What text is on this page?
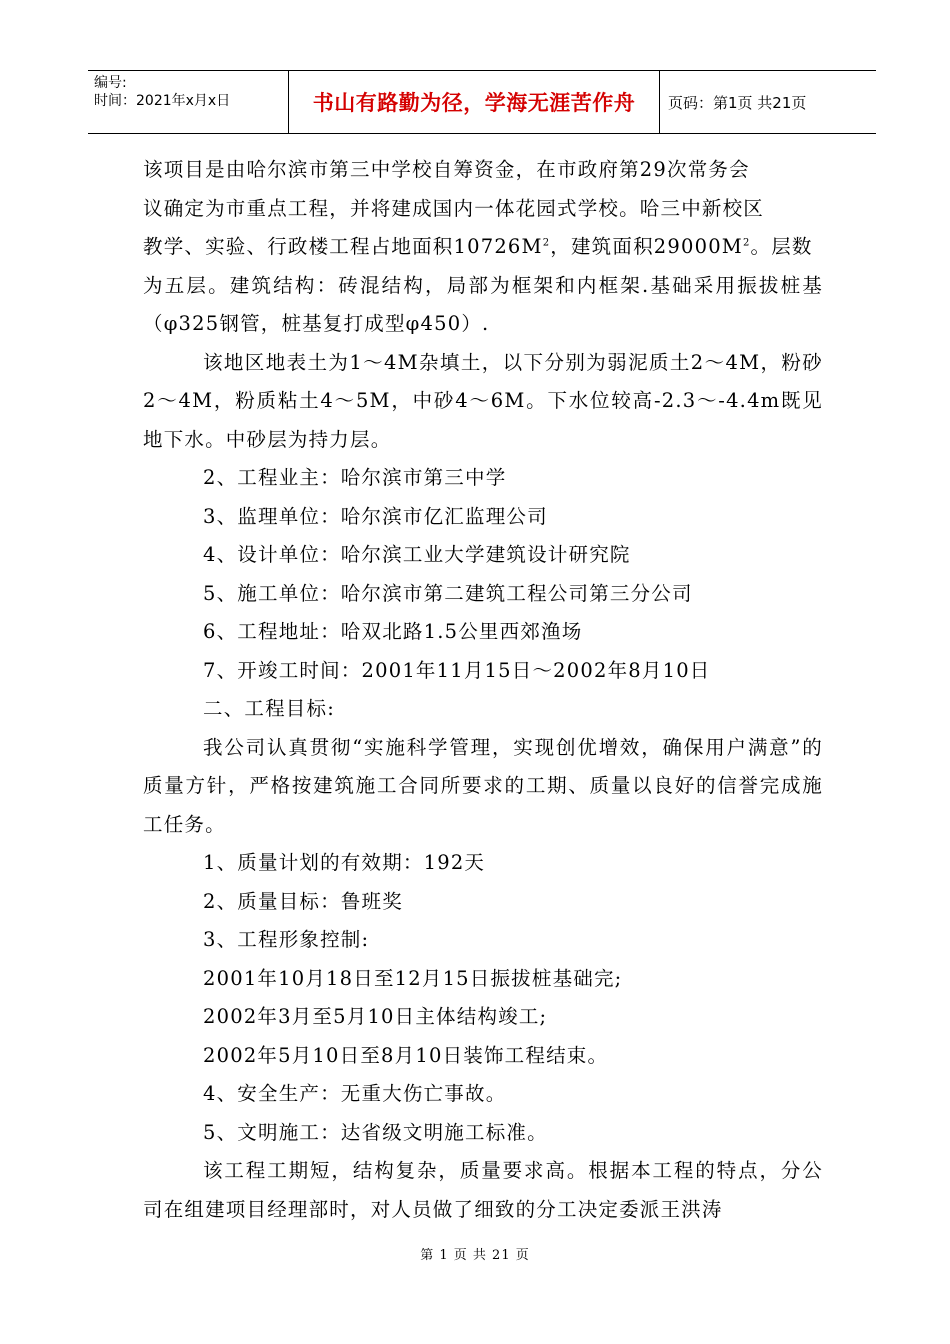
编号:
时间：2021年x月x日	书山有路勤为径，学海无涯苦作舟	页码：第1页 共21页

该项目是由哈尔滨市第三中学校自筹资金，在市政府第29次常务会

议确定为市重点工程，并将建成国内一体花园式学校。哈三中新校区

教学、实验、行政楼工程占地面积$10726M^2$，建筑面积$29000M^2$。层数

为五层。建筑结构：砖混结构，局部为框架和内框架.基础采用振拔桩基（φ325钢管，桩基复打成型φ450）.

该地区地表土为1～4M杂填土，以下分别为弱泥质土2～4M，粉砂2～4M，粉质粘土4～5M，中砂4～6M。下水位较高-2.3～-4.4m既见地下水。中砂层为持力层。

2、工程业主：哈尔滨市第三中学

3、监理单位：哈尔滨市亿汇监理公司

4、设计单位：哈尔滨工业大学建筑设计研究院

5、施工单位：哈尔滨市第二建筑工程公司第三分公司

6、工程地址：哈双北路1.5公里西郊渔场

7、开竣工时间：2001年11月15日～2002年8月10日

二、工程目标:

我公司认真贯彻“实施科学管理，实现创优增效，确保用户满意”的质量方针，严格按建筑施工合同所要求的工期、质量以良好的信誉完成施工任务。

1、质量计划的有效期：192天

2、质量目标：鲁班奖

3、工程形象控制:

2001年10月18日至12月15日振拔桩基础完;

2002年3月至5月10日主体结构竣工;

2002年5月10日至8月10日装饰工程结束。

4、安全生产：无重大伤亡事故。

5、文明施工：达省级文明施工标准。

该工程工期短，结构复杂，质量要求高。根据本工程的特点，分公司在组建项目经理部时，对人员做了细致的分工决定委派王洪涛

第 1 页 共 21 页
